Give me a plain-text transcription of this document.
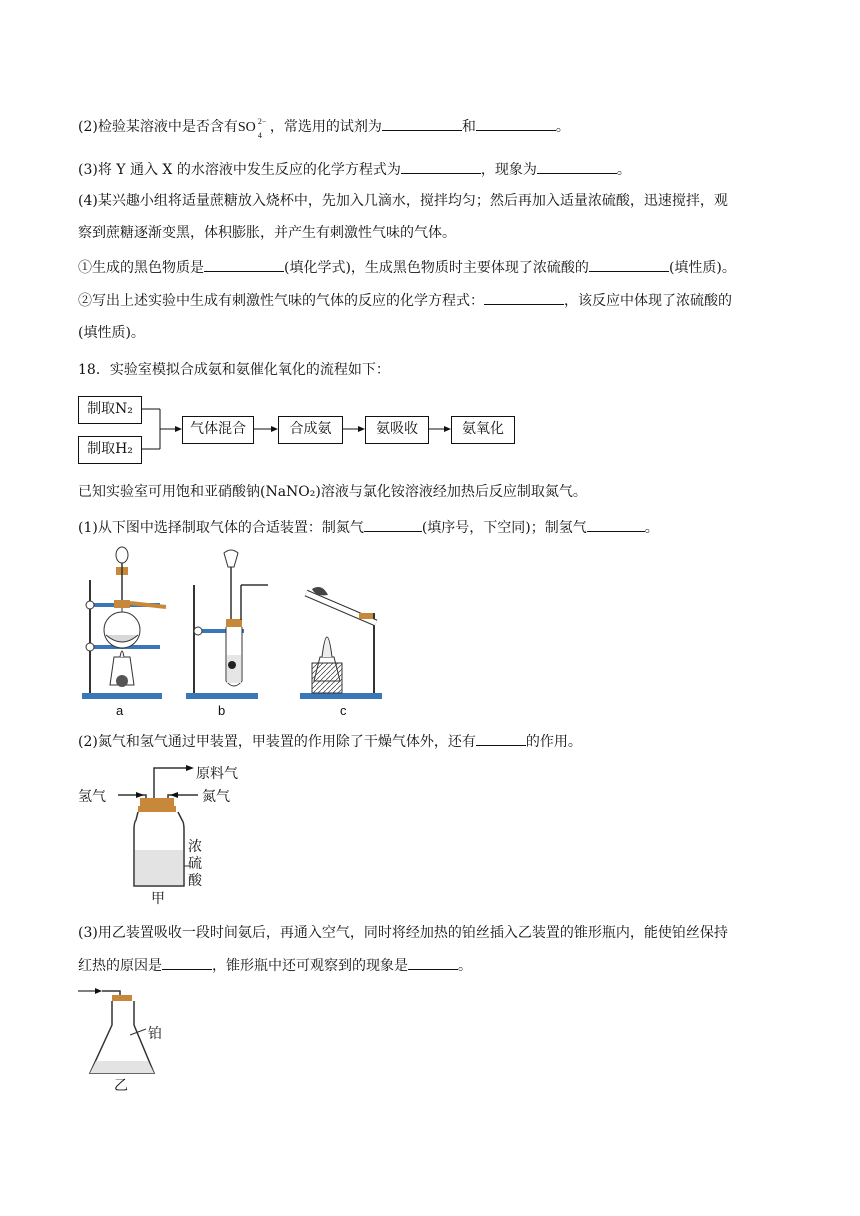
(2)检验某溶液中是否含有 SO 2−
4
，常选用的试剂为	和	。
(3)将 Y 通入 X 的水溶液中发生反应的化学方程式为	，现象为	。
(4)某兴趣小组将适量蔗糖放入烧杯中，先加入几滴水，搅拌均匀；然后再加入适量浓硫酸，迅速搅拌，观
察到蔗糖逐渐变黑，体积膨胀，并产生有刺激性气味的气体。
①生成的黑色物质是	(填化学式)，生成黑色物质时主要体现了浓硫酸的	(填性质)。
②写出上述实验中生成有刺激性气味的气体的反应的化学方程式：	，该反应中体现了浓硫酸的
(填性质)。
18．实验室模拟合成氨和氨催化氧化的流程如下：
制取N₂
制取H₂
气体混合	合成氨	氨吸收	氨氧化
已知实验室可用饱和亚硝酸钠(NaNO₂)溶液与氯化铵溶液经加热后反应制取氮气。
(1)从下图中选择制取气体的合适装置：制氮气	(填序号，下空同)；制氢气	。
a	b	c
(2)氮气和氢气通过甲装置，甲装置的作用除了干燥气体外，还有	的作用。
原料气
氢气	氮气
浓
硫
酸
甲
(3)用乙装置吸收一段时间氨后，再通入空气，同时将经加热的铂丝插入乙装置的锥形瓶内，能使铂丝保持
红热的原因是	，锥形瓶中还可观察到的现象是	。
铂
乙
